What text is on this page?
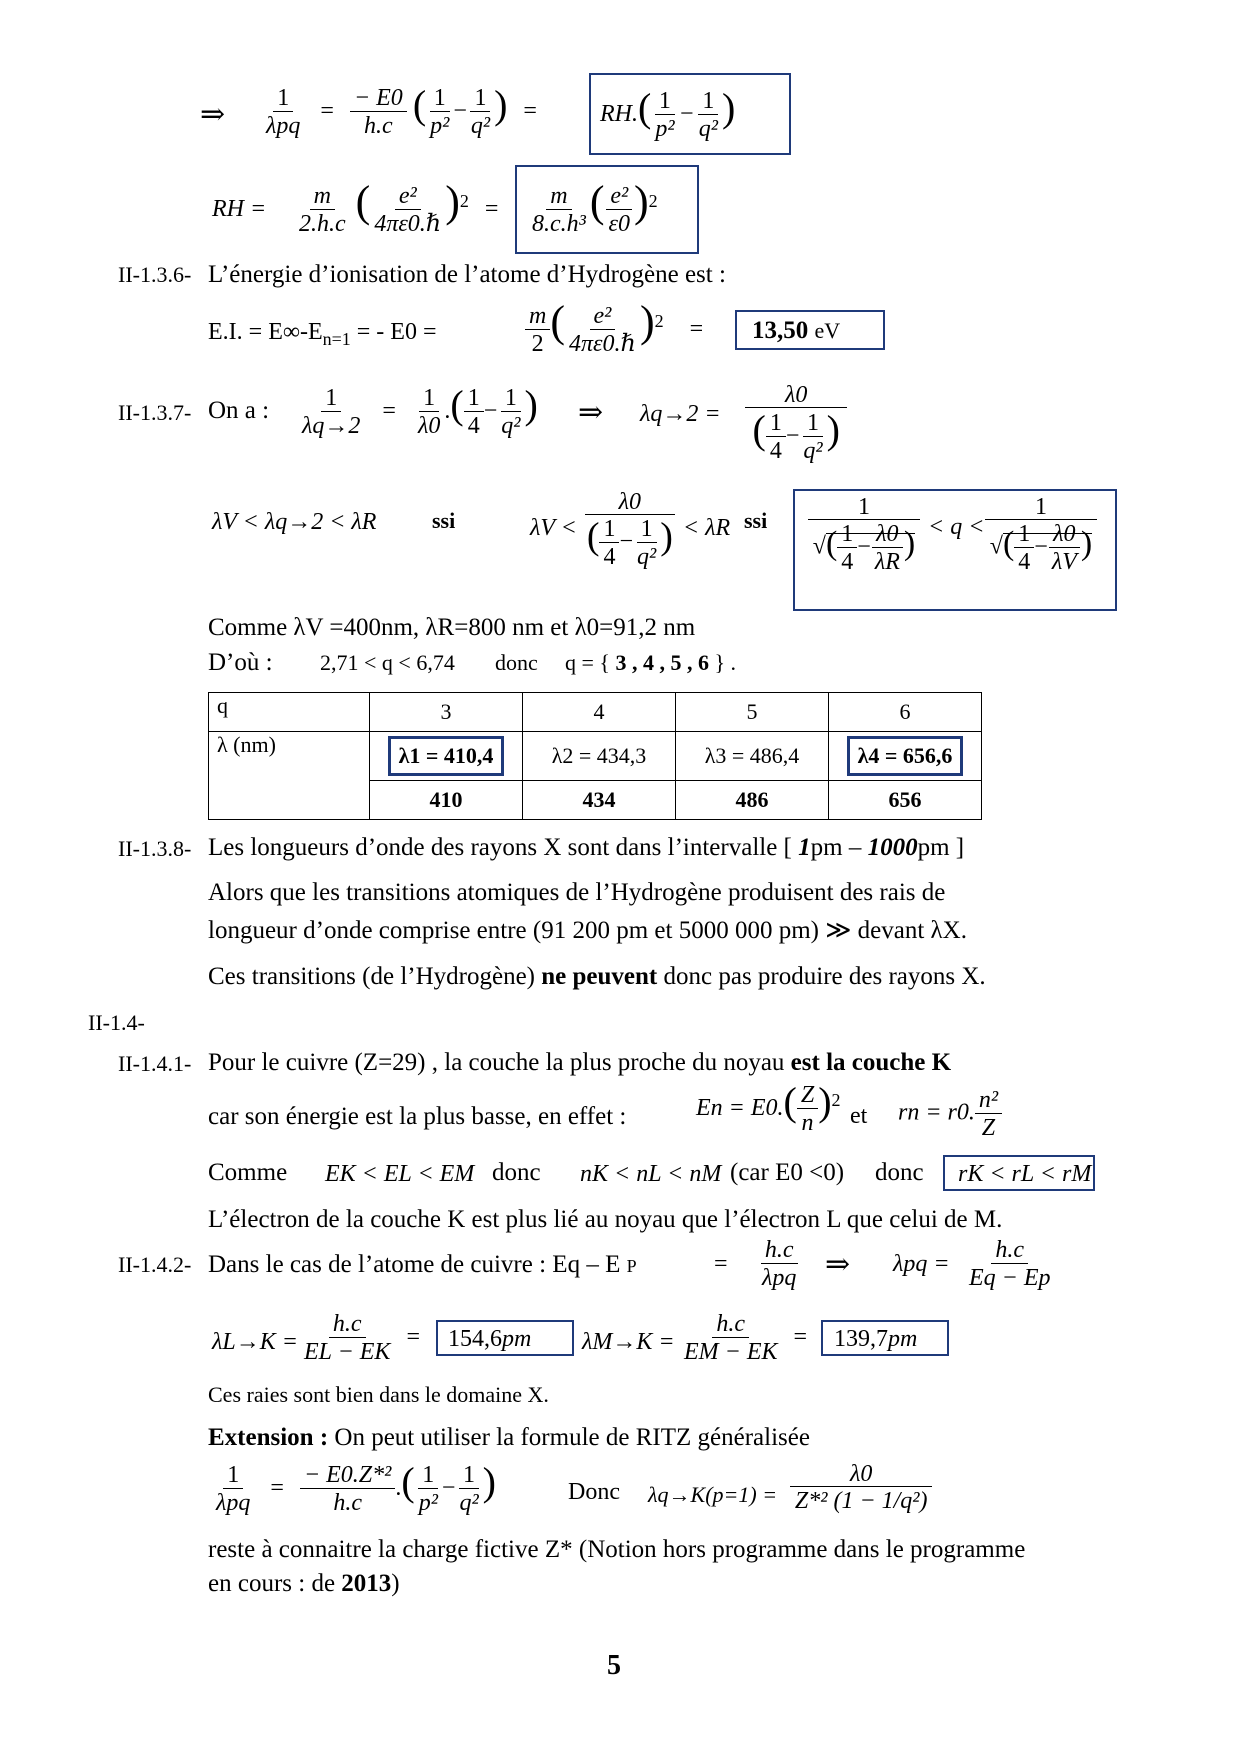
⇒ $\frac{1}{\text{λpq}} = \frac{- E0}{h.c}$ ( $\frac{1}{\text{p²}} - \frac{1}{\text{q²}}$ ) =	$RH.( \frac{1}{\text{p²}} - \frac{1}{\text{q²}}$ )
RH = $\frac{m}{2.h.c}$ ( $\frac{\text{e²}}{\text{4πε0.ℏ}} )^2$ =	$\frac{m}{\text{8.c.h³}}$ ( $\frac{\text{e²}}{\varepsilon 0} )^2$
II-1.3.6- L’énergie d’ionisation de l’atome d’Hydrogène est :
E.I. = $E\infty-E_{n=1}$ = - E0 =	$\frac{m}{2}$ ( $\frac{\text{e²}}{\text{4πε0.ℏ}} )^2 = 13,50$ eV
II-1.3.7- On a : $\frac{1}{\lambda q\to 2} = \frac{1}{\lambda 0}$ .( $\frac{1}{4} - \frac{1}{\text{q²}}$ ) ⇒ $\lambda q\to 2 = \frac{\lambda 0}{( \frac{1}{4} - \frac{1}{\text{q²}} )}$
λV < λq→2 < λR	ssi	$\lambda V < \frac{\lambda 0}{( \frac{1}{4} - \frac{1}{\text{q²}} )} < \lambda R$ ssi $\frac{1}{√( \frac{1}{4} - \frac{\lambda 0}{\lambda R} )} < q < \frac{1}{√( \frac{1}{4} - \frac{\lambda 0}{\lambda V} )}$
Comme λV =400nm, λR=800 nm et λ0=91,2 nm
D’où : 2,71 < q < 6,74 donc q = { 3 , 4 , 5 , 6 } .
q	3	4	5	6
λ (nm)	λ1 = 410,4	λ2 = 434,3	λ3 = 486,4	λ4 = 656,6
	410	434	486	656
II-1.3.8- Les longueurs d’onde des rayons X sont dans l’intervalle [ 1pm – 1000pm ]
Alors que les transitions atomiques de l’Hydrogène produisent des rais de
longueur d’onde comprise entre (91 200 pm et 5000 000 pm) ≫ devant λX.
Ces transitions (de l’Hydrogène) ne peuvent donc pas produire des rayons X.
II-1.4-
II-1.4.1- Pour le cuivre (Z=29) , la couche la plus proche du noyau est la couche K
car son énergie est la plus basse, en effet :	$En = E0.( \frac{Z}{n} )^2$
et rn = r0. $\frac{\text{n²}}{Z}$
Comme EK < EL < EM donc nK < nL < nM (car E0 <0) donc rK < rL < rM
L’électron de la couche K est plus lié au noyau que l’électron L que celui de M.
II-1.4.2- Dans le cas de l’atome de cuivre : Eq – E P	= $\frac{h.c}{\text{λpq}}$ ⇒ $\lambda pq = \frac{h.c}{Eq - Ep}$
$\lambda L\to K = \frac{h.c}{EL - EK} = 154,6pm$ $\lambda M\to K = \frac{h.c}{EM - EK} = 139,7pm$
Ces raies sont bien dans le domaine X.
Extension : On peut utiliser la formule de RITZ généralisée
$\frac{1}{\text{λpq}} = \frac{\text{− E0.Z*²}}{h.c}$ .( $\frac{1}{\text{p²}} - \frac{1}{\text{q²}}$ )	Donc $\lambda q\to K(p=1) = \frac{\lambda 0}{\text{Z*² (1 − 1/q²)}}$
reste à connaitre la charge fictive Z* (Notion hors programme dans le programme
en cours : de 2013)
5
